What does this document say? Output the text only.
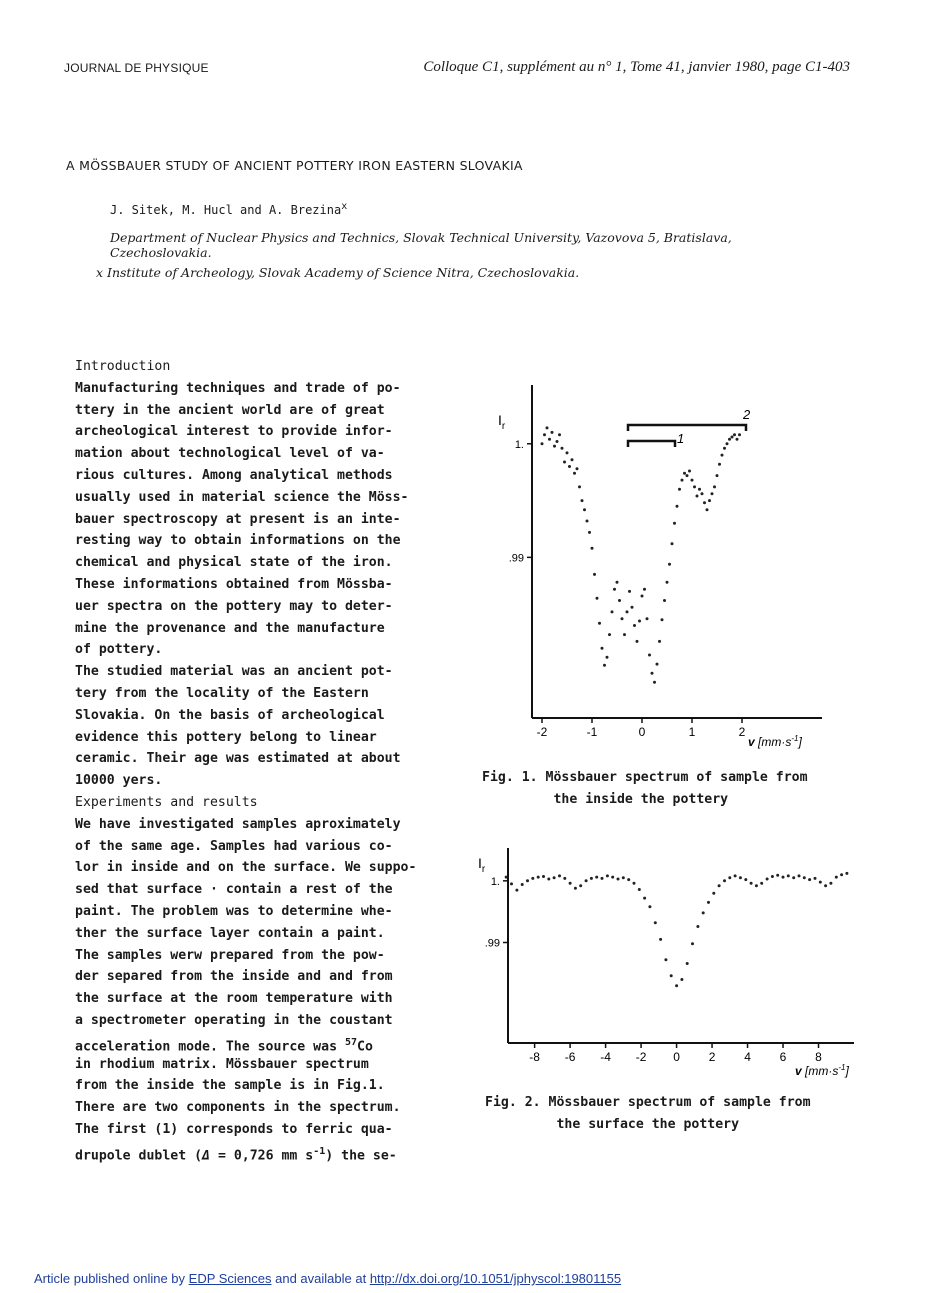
JOURNAL DE PHYSIQUE	Colloque C1, supplément au n° 1, Tome 41, janvier 1980, page C1-403
A MÖSSBAUER STUDY OF ANCIENT POTTERY IRON EASTERN SLOVAKIA
J. Sitek, M. Hucl and A. Brezina$^x$
Department of Nuclear Physics and Technics, Slovak Technical University, Vazovova 5, Bratislava, Czechoslovakia.
x Institute of Archeology, Slovak Academy of Science Nitra, Czechoslovakia.
Introduction
Manufacturing techniques and trade of po-
ttery in the ancient world are of great
archeological interest to provide infor-
mation about technological level of va-
rious cultures. Among analytical methods
usually used in material science the Möss-
bauer spectroscopy at present is an inte-
resting way to obtain informations on the
chemical and physical state of the iron.
These informations obtained from Mössba-
uer spectra on the pottery may to deter-
mine the provenance and the manufacture
of pottery.
The studied material was an ancient pot-
tery from the locality of the Eastern
Slovakia. On the basis of archeological
evidence this pottery belong to linear
ceramic. Their age was estimated at about
10000 yers.
Experiments and results
We have investigated samples aproximately
of the same age. Samples had various co-
lor in inside and on the surface. We suppo-
sed that surface · contain a rest of the
paint. The problem was to determine whe-
ther the surface layer contain a paint.
The samples werw prepared from the pow-
der separed from the inside and and from
the surface at the room temperature with
a spectrometer operating in the coustant
acceleration mode. The source was $^{57}$Co
in rhodium matrix. Mössbauer spectrum
from the inside the sample is in Fig.1.
There are two components in the spectrum.
The first (1) corresponds to ferric qua-
drupole dublet (Δ = 0,726 mm $s^{-1}$) the se-
$I_r$
2
1
1.
.99
-2	-1	0	1	2
v $[mm\cdot s^{-1}]$
Fig. 1. Mössbauer spectrum of sample from
the inside the pottery
$I_r$
1.
.99
-8 -6 -4 -2 0 2 4 6 8
v $[mm\cdot s^{-1}]$
Fig. 2. Mössbauer spectrum of sample from
the surface the pottery
Article published online by EDP Sciences and available at http://dx.doi.org/10.1051/jphyscol:19801155
